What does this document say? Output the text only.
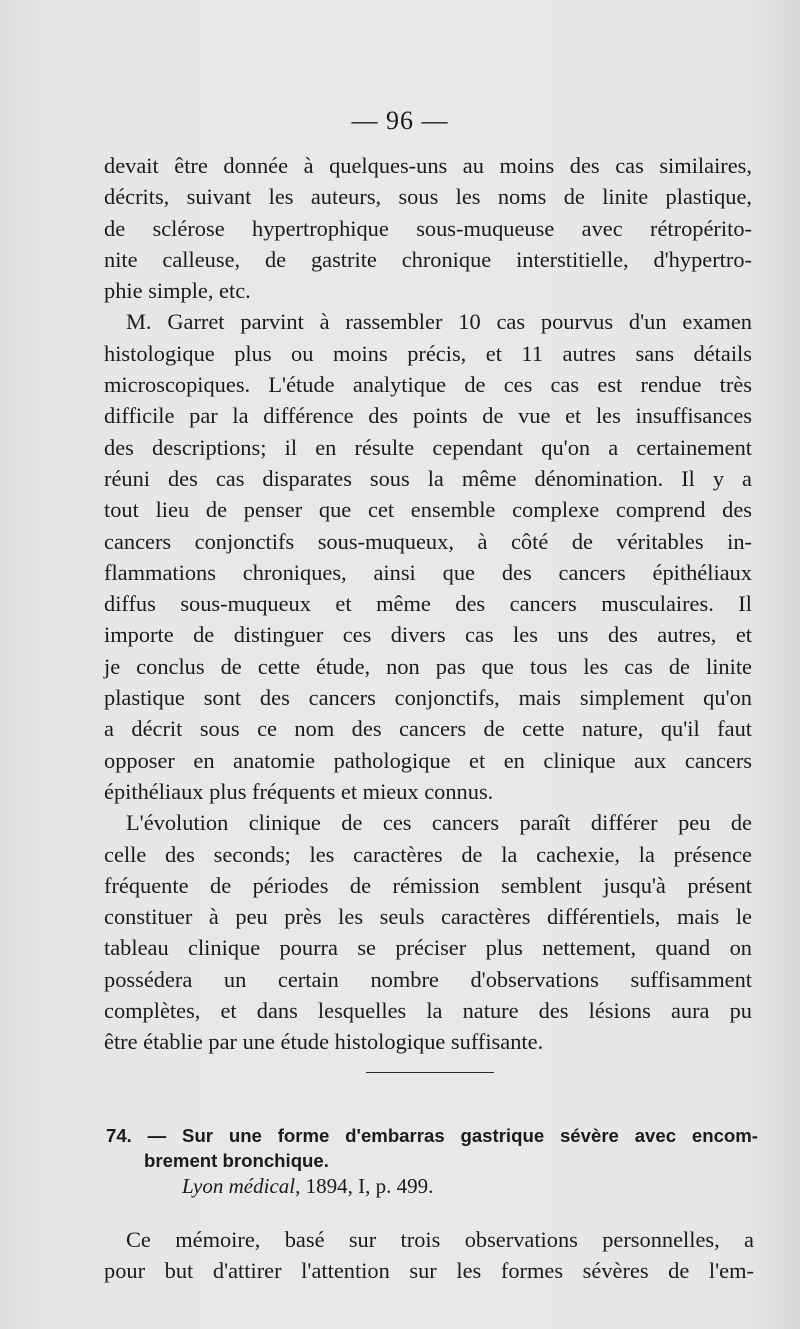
— 96 —
devait être donnée à quelques-uns au moins des cas similaires,
décrits, suivant les auteurs, sous les noms de linite plastique,
de sclérose hypertrophique sous-muqueuse avec rétropérito-
nite calleuse, de gastrite chronique interstitielle, d'hypertro-
phie simple, etc.
M. Garret parvint à rassembler 10 cas pourvus d'un examen
histologique plus ou moins précis, et 11 autres sans détails
microscopiques. L'étude analytique de ces cas est rendue très
difficile par la différence des points de vue et les insuffisances
des descriptions; il en résulte cependant qu'on a certainement
réuni des cas disparates sous la même dénomination. Il y a
tout lieu de penser que cet ensemble complexe comprend des
cancers conjonctifs sous-muqueux, à côté de véritables in-
flammations chroniques, ainsi que des cancers épithéliaux
diffus sous-muqueux et même des cancers musculaires. Il
importe de distinguer ces divers cas les uns des autres, et
je conclus de cette étude, non pas que tous les cas de linite
plastique sont des cancers conjonctifs, mais simplement qu'on
a décrit sous ce nom des cancers de cette nature, qu'il faut
opposer en anatomie pathologique et en clinique aux cancers
épithéliaux plus fréquents et mieux connus.
L'évolution clinique de ces cancers paraît différer peu de
celle des seconds; les caractères de la cachexie, la présence
fréquente de périodes de rémission semblent jusqu'à présent
constituer à peu près les seuls caractères différentiels, mais le
tableau clinique pourra se préciser plus nettement, quand on
possédera un certain nombre d'observations suffisamment
complètes, et dans lesquelles la nature des lésions aura pu
être établie par une étude histologique suffisante.
74. — Sur une forme d'embarras gastrique sévère avec encom-
brement bronchique.
Lyon médical, 1894, I, p. 499.
Ce mémoire, basé sur trois observations personnelles, a
pour but d'attirer l'attention sur les formes sévères de l'em-
